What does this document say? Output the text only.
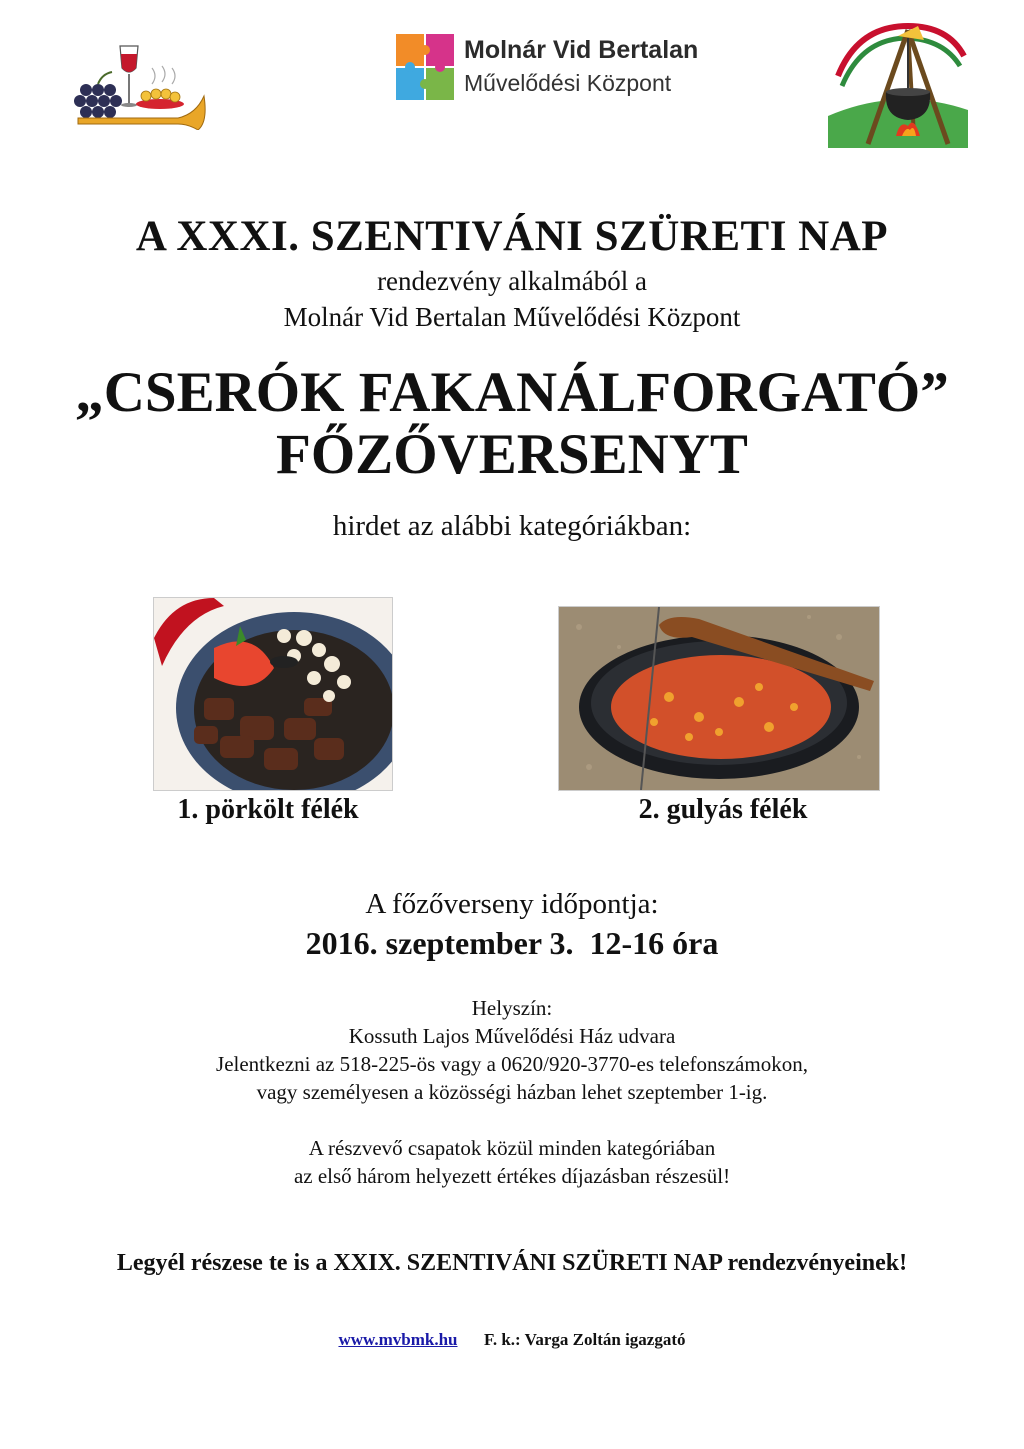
Molnár Vid Bertalan
Művelődési Központ
A XXXI. SZENTIVÁNI SZÜRETI NAP
rendezvény alkalmából a
Molnár Vid Bertalan Művelődési Központ
„CSERÓK FAKANÁLFORGATÓ”
FŐZŐVERSENYT
hirdet az alábbi kategóriákban:
1. pörkölt félék	2. gulyás félék
A főzőverseny időpontja:
2016. szeptember 3.  12-16 óra
Helyszín:
Kossuth Lajos Művelődési Ház udvara
Jelentkezni az 518-225-ös vagy a 0620/920-3770-es telefonszámokon,
vagy személyesen a közösségi házban lehet szeptember 1-ig.
A részvevő csapatok közül minden kategóriában
az első három helyezett értékes díjazásban részesül!
Legyél részese te is a XXIX. SZENTIVÁNI SZÜRETI NAP rendezvényeinek!
www.mvbmk.hu F. k.: Varga Zoltán igazgató
